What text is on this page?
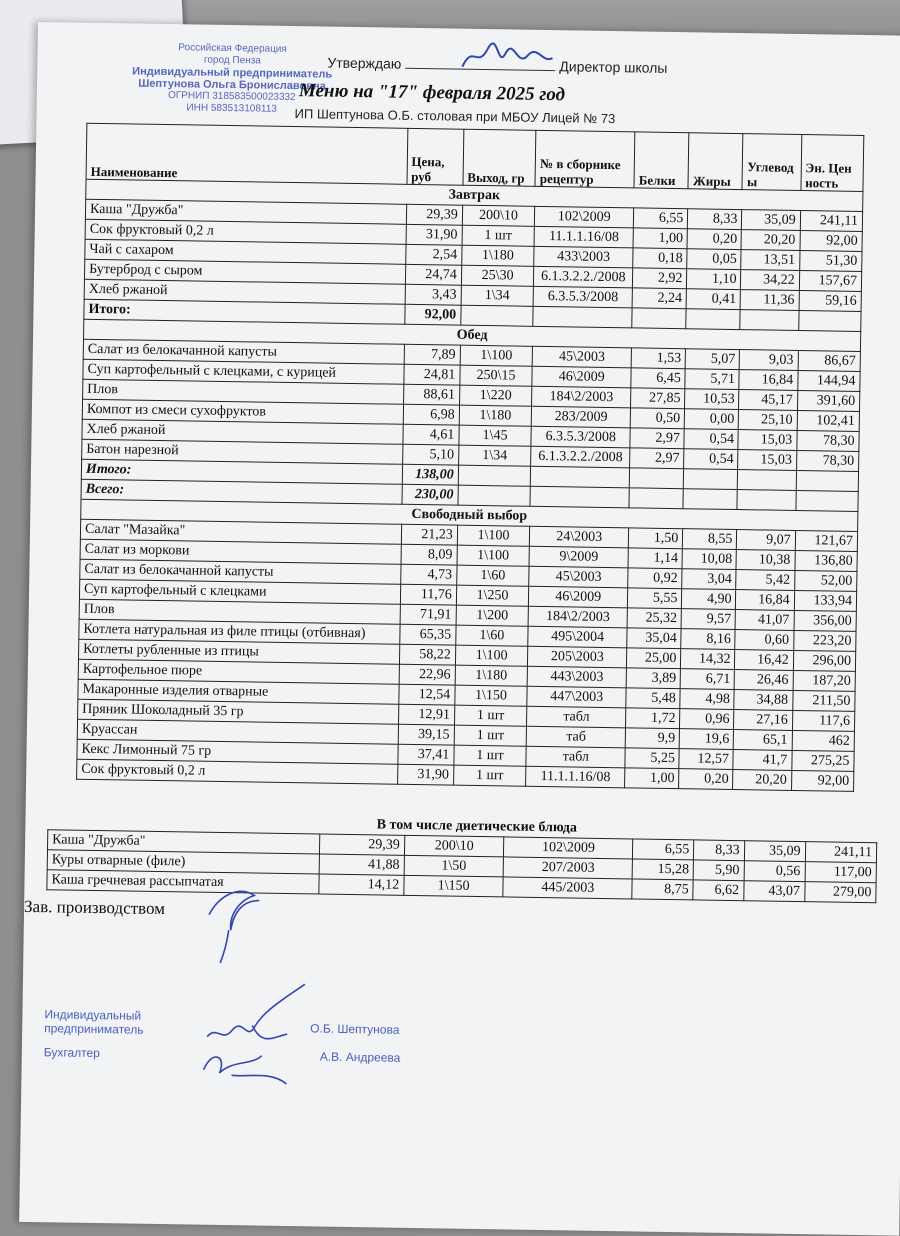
Российская Федерация
город Пенза
Индивидуальный предприниматель
Шептунова Ольга Брониславовна
ОГРНИП 318583500023332
ИНН 583513108113
Утверждаю	Директор школы
Меню на "17" февраля 2025 год
ИП Шептунова О.Б. столовая при МБОУ Лицей № 73
Наименование	Цена, руб	Выход, гр	№ в сборнике рецептур	Белки	Жиры	Углеводы	Эн. Ценность
Завтрак							
Каша "Дружба"	29,39	200\10	102\2009	6,55	8,33	35,09	241,11
Сок фруктовый 0,2 л	31,90	1 шт	11.1.1.16/08	1,00	0,20	20,20	92,00
Чай с сахаром	2,54	1\180	433\2003	0,18	0,05	13,51	51,30
Бутерброд с сыром	24,74	25\30	6.1.3.2.2./2008	2,92	1,10	34,22	157,67
Хлеб ржаной	3,43	1\34	6.3.5.3/2008	2,24	0,41	11,36	59,16
Итого:	92,00						
Обед							
Салат из белокачанной капусты	7,89	1\100	45\2003	1,53	5,07	9,03	86,67
Суп картофельный с клецками, с курицей	24,81	250\15	46\2009	6,45	5,71	16,84	144,94
Плов	88,61	1\220	184\2/2003	27,85	10,53	45,17	391,60
Компот из смеси сухофруктов	6,98	1\180	283/2009	0,50	0,00	25,10	102,41
Хлеб ржаной	4,61	1\45	6.3.5.3/2008	2,97	0,54	15,03	78,30
Батон нарезной	5,10	1\34	6.1.3.2.2./2008	2,97	0,54	15,03	78,30
Итого:	138,00						
Всего:	230,00						
Свободный выбор							
Салат "Мазайка"	21,23	1\100	24\2003	1,50	8,55	9,07	121,67
Салат из моркови	8,09	1\100	9\2009	1,14	10,08	10,38	136,80
Салат из белокачанной капусты	4,73	1\60	45\2003	0,92	3,04	5,42	52,00
Суп картофельный с клецками	11,76	1\250	46\2009	5,55	4,90	16,84	133,94
Плов	71,91	1\200	184\2/2003	25,32	9,57	41,07	356,00
Котлета натуральная из филе птицы (отбивная)	65,35	1\60	495\2004	35,04	8,16	0,60	223,20
Котлеты рубленные из птицы	58,22	1\100	205\2003	25,00	14,32	16,42	296,00
Картофельное пюре	22,96	1\180	443\2003	3,89	6,71	26,46	187,20
Макаронные изделия отварные	12,54	1\150	447\2003	5,48	4,98	34,88	211,50
Пряник Шоколадный 35 гр	12,91	1 шт	табл	1,72	0,96	27,16	117,6
Круассан	39,15	1 шт	таб	9,9	19,6	65,1	462
Кекс Лимонный 75 гр	37,41	1 шт	табл	5,25	12,57	41,7	275,25
Сок фруктовый 0,2 л	31,90	1 шт	11.1.1.16/08	1,00	0,20	20,20	92,00
	В том числе диетические блюда						
Каша "Дружба"	29,39	200\10	102\2009	6,55	8,33	35,09	241,11
Куры отварные (филе)	41,88	1\50	207/2003	15,28	5,90	0,56	117,00
Каша гречневая рассыпчатая	14,12	1\150	445/2003	8,75	6,62	43,07	279,00
Зав. производством
Индивидуальный
предприниматель	О.Б. Шептунова
Бухгалтер	А.В. Андреева
